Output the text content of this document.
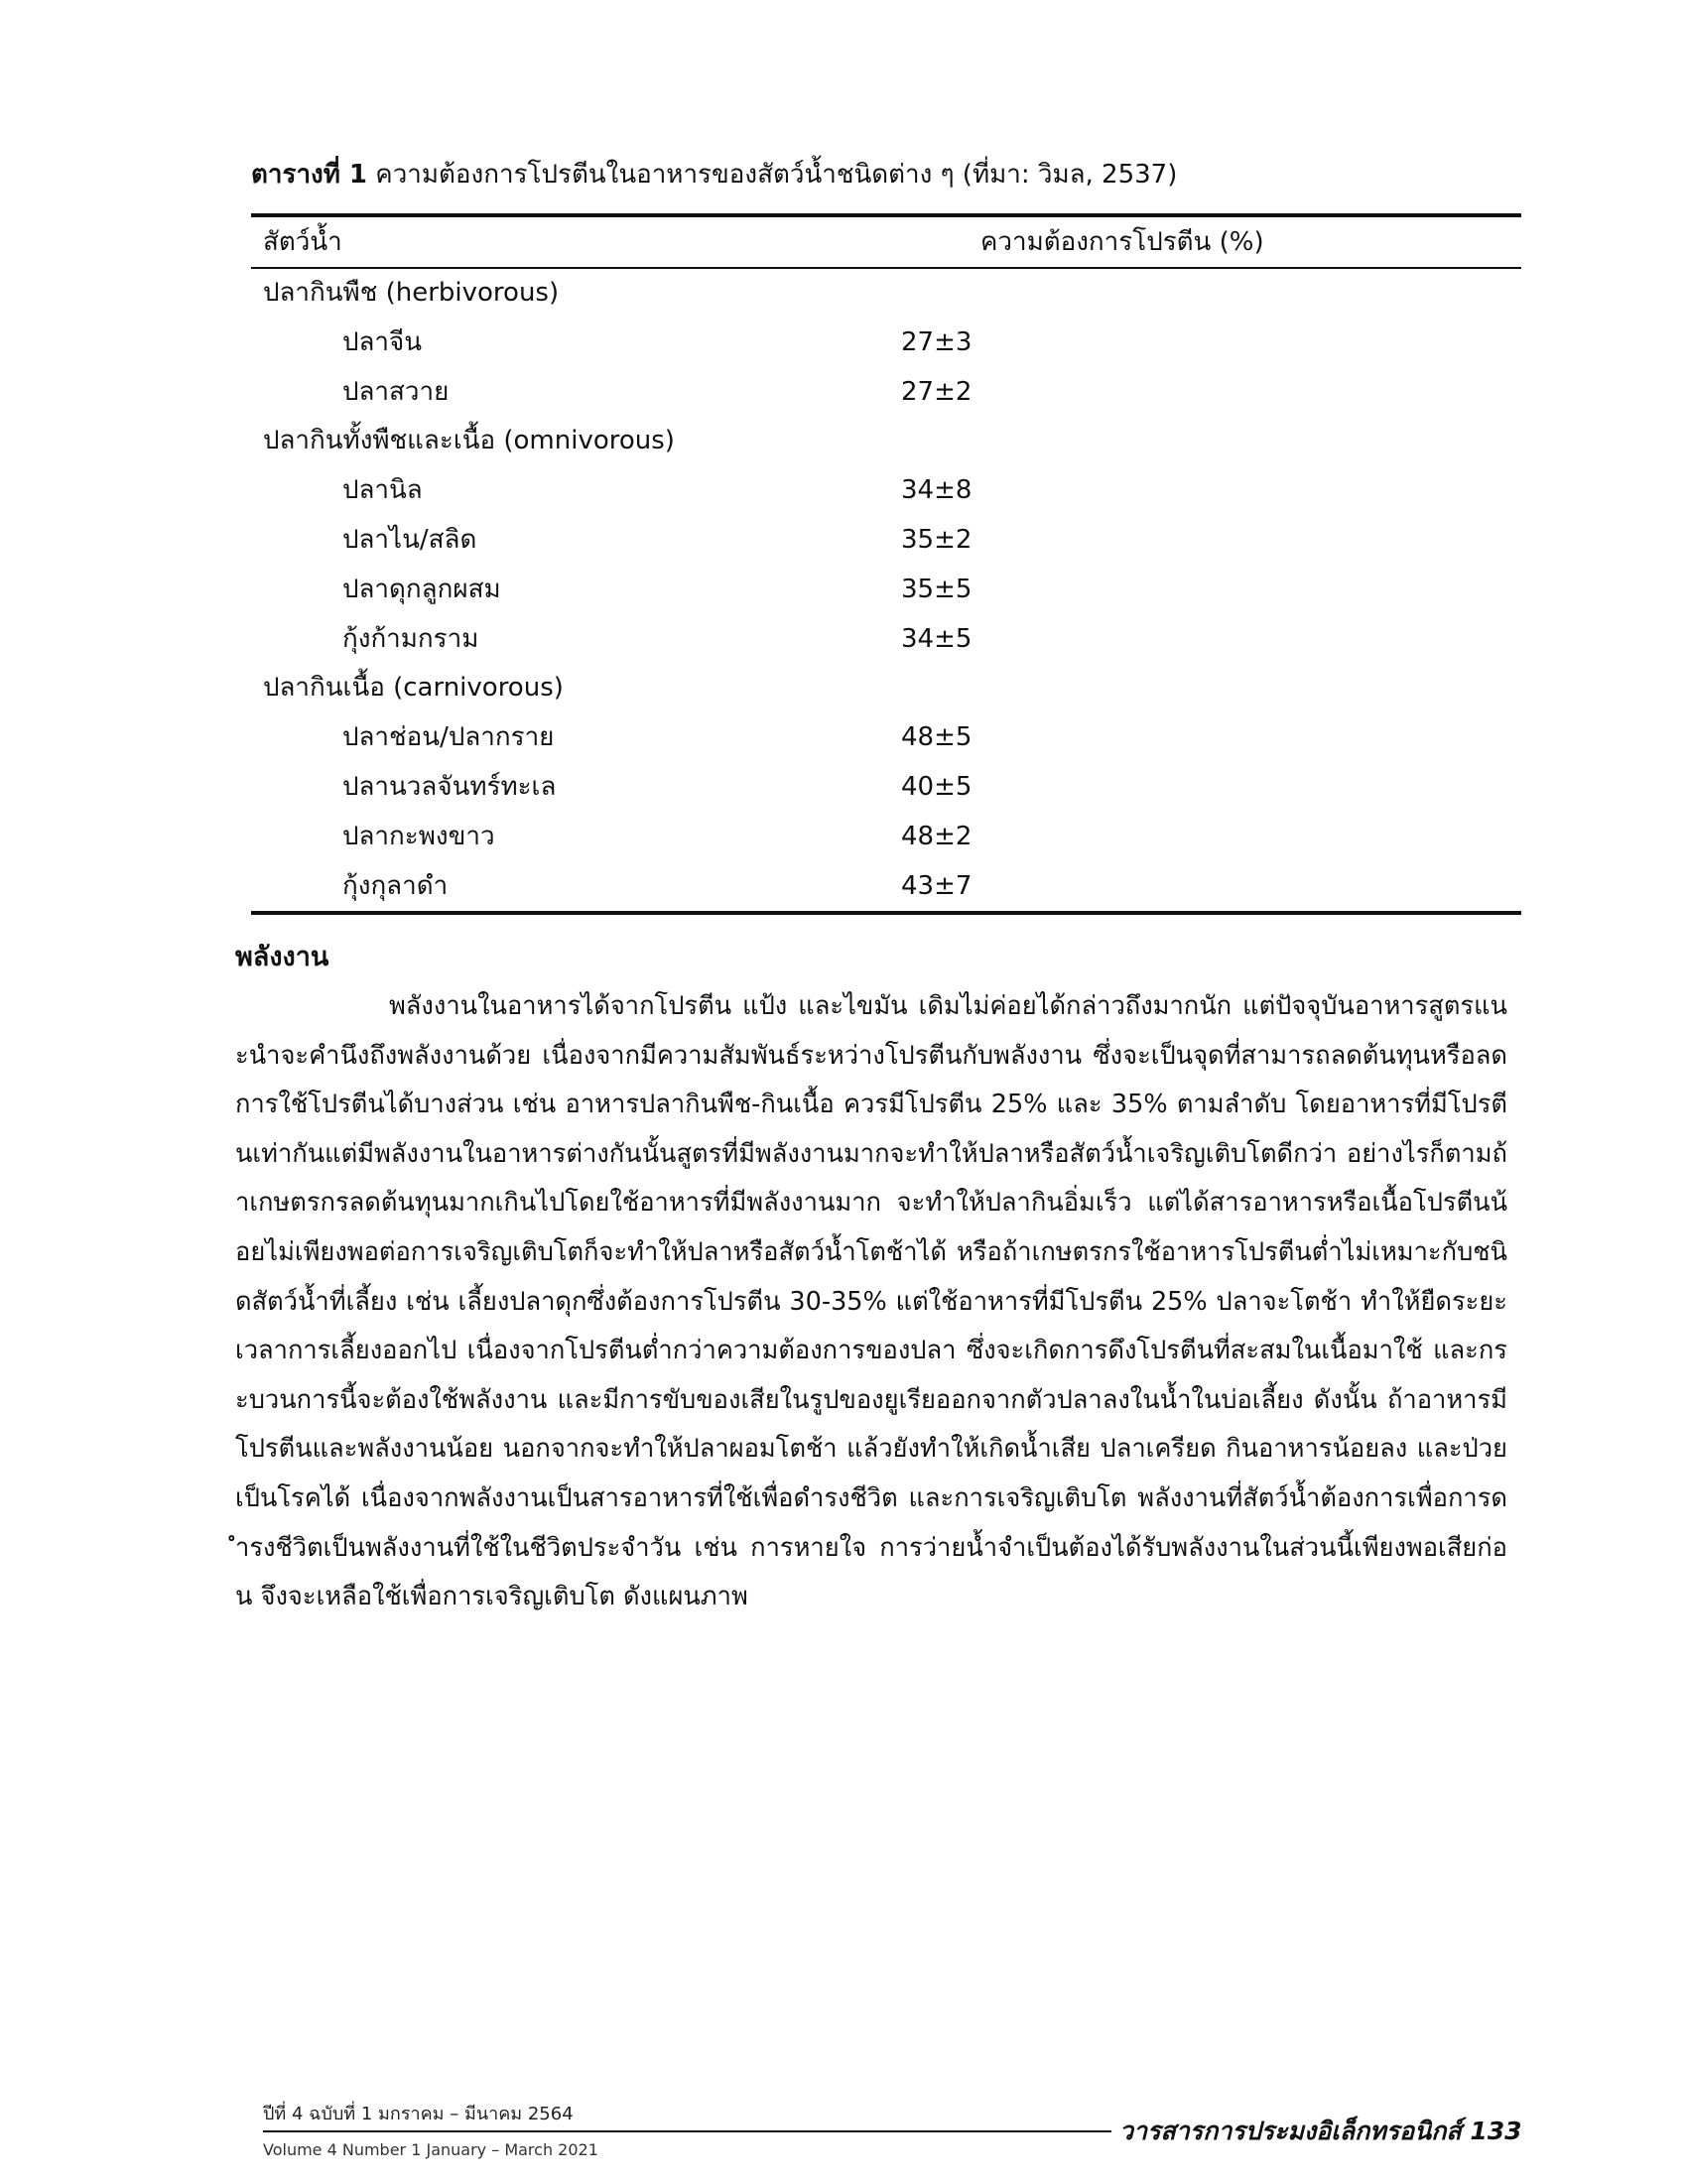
ตารางที่ 1 ความต้องการโปรตีนในอาหารของสัตว์น้ำชนิดต่าง ๆ (ที่มา: วิมล, 2537)
สัตว์น้ำ	ความต้องการโปรตีน (%)
ปลากินพืช (herbivorous)
ปลาจีน	27±3
ปลาสวาย	27±2
ปลากินทั้งพืชและเนื้อ (omnivorous)
ปลานิล	34±8
ปลาไน/สลิด	35±2
ปลาดุกลูกผสม	35±5
กุ้งก้ามกราม	34±5
ปลากินเนื้อ (carnivorous)
ปลาช่อน/ปลากราย	48±5
ปลานวลจันทร์ทะเล	40±5
ปลากะพงขาว	48±2
กุ้งกุลาดำ	43±7
พลังงาน
พลังงานในอาหารได้จากโปรตีน แป้ง และไขมัน เดิมไม่ค่อยได้กล่าวถึงมากนัก แต่ปัจจุบันอาหารสูตรแนะนำจะคำนึงถึงพลังงานด้วย เนื่องจากมีความสัมพันธ์ระหว่างโปรตีนกับพลังงาน ซึ่งจะเป็นจุดที่สามารถลดต้นทุนหรือลดการใช้โปรตีนได้บางส่วน เช่น อาหารปลากินพืช-กินเนื้อ ควรมีโปรตีน 25% และ 35% ตามลำดับ โดยอาหารที่มีโปรตีนเท่ากันแต่มีพลังงานในอาหารต่างกันนั้นสูตรที่มีพลังงานมากจะทำให้ปลาหรือสัตว์น้ำเจริญเติบโตดีกว่า อย่างไรก็ตามถ้าเกษตรกรลดต้นทุนมากเกินไปโดยใช้อาหารที่มีพลังงานมาก จะทำให้ปลากินอิ่มเร็ว แต่ได้สารอาหารหรือเนื้อโปรตีนน้อยไม่เพียงพอต่อการเจริญเติบโตก็จะทำให้ปลาหรือสัตว์น้ำโตช้าได้ หรือถ้าเกษตรกรใช้อาหารโปรตีนต่ำไม่เหมาะกับชนิดสัตว์น้ำที่เลี้ยง เช่น เลี้ยงปลาดุกซึ่งต้องการโปรตีน 30-35% แต่ใช้อาหารที่มีโปรตีน 25% ปลาจะโตช้า ทำให้ยืดระยะเวลาการเลี้ยงออกไป เนื่องจากโปรตีนต่ำกว่าความต้องการของปลา ซึ่งจะเกิดการดึงโปรตีนที่สะสมในเนื้อมาใช้ และกระบวนการนี้จะต้องใช้พลังงาน และมีการขับของเสียในรูปของยูเรียออกจากตัวปลาลงในน้ำในบ่อเลี้ยง ดังนั้น ถ้าอาหารมีโปรตีนและพลังงานน้อย นอกจากจะทำให้ปลาผอมโตช้า แล้วยังทำให้เกิดน้ำเสีย ปลาเครียด กินอาหารน้อยลง และป่วยเป็นโรคได้ เนื่องจากพลังงานเป็นสารอาหารที่ใช้เพื่อดำรงชีวิต และการเจริญเติบโต พลังงานที่สัตว์น้ำต้องการเพื่อการดำรงชีวิตเป็นพลังงานที่ใช้ในชีวิตประจำวัน เช่น การหายใจ การว่ายน้ำจำเป็นต้องได้รับพลังงานในส่วนนี้เพียงพอเสียก่อน จึงจะเหลือใช้เพื่อการเจริญเติบโต ดังแผนภาพ
ปีที่ 4 ฉบับที่ 1 มกราคม – มีนาคม 2564
Volume 4 Number 1 January – March 2021
วารสารการประมงอิเล็กทรอนิกส์ 133
